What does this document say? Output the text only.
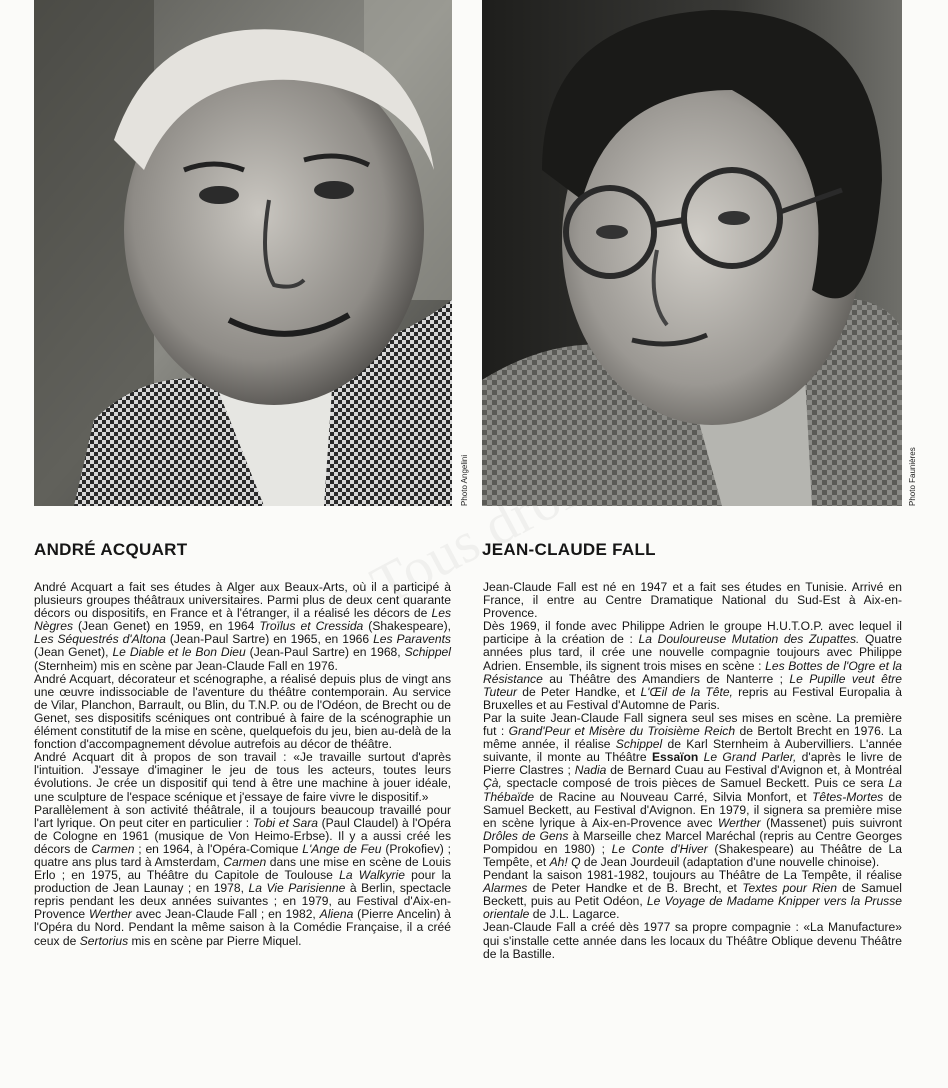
Photo Angelini	Photo Faunières
ANDRÉ ACQUART	JEAN-CLAUDE FALL

André Acquart a fait ses études à Alger aux Beaux-Arts, où il a participé à plusieurs groupes théâtraux universitaires. Parmi plus de deux cent quarante décors ou dispositifs, en France et à l'étranger, il a réalisé les décors de Les Nègres (Jean Genet) en 1959, en 1964 Troïlus et Cressida (Shakespeare), Les Séquestrés d'Altona (Jean-Paul Sartre) en 1965, en 1966 Les Paravents (Jean Genet), Le Diable et le Bon Dieu (Jean-Paul Sartre) en 1968, Schippel (Sternheim) mis en scène par Jean-Claude Fall en 1976.

André Acquart, décorateur et scénographe, a réalisé depuis plus de vingt ans une œuvre indissociable de l'aventure du théâtre contemporain. Au service de Vilar, Planchon, Barrault, ou Blin, du T.N.P. ou de l'Odéon, de Brecht ou de Genet, ses dispositifs scéniques ont contribué à faire de la scénographie un élément constitutif de la mise en scène, quelquefois du jeu, bien au-delà de la fonction d'accompagnement dévolue autrefois au décor de théâtre.

André Acquart dit à propos de son travail : «Je travaille surtout d'après l'intuition. J'essaye d'imaginer le jeu de tous les acteurs, toutes leurs évolutions. Je crée un dispositif qui tend à être une machine à jouer idéale, une sculpture de l'espace scénique et j'essaye de faire vivre le dispositif.»

Parallèlement à son activité théâtrale, il a toujours beaucoup travaillé pour l'art lyrique. On peut citer en particulier : Tobi et Sara (Paul Claudel) à l'Opéra de Cologne en 1961 (musique de Von Heimo-Erbse). Il y a aussi créé les décors de Carmen ; en 1964, à l'Opéra-Comique L'Ange de Feu (Prokofiev) ; quatre ans plus tard à Amsterdam, Carmen dans une mise en scène de Louis Erlo ; en 1975, au Théâtre du Capitole de Toulouse La Walkyrie pour la production de Jean Launay ; en 1978, La Vie Parisienne à Berlin, spectacle repris pendant les deux années suivantes ; en 1979, au Festival d'Aix-en-Provence Werther avec Jean-Claude Fall ; en 1982, Aliena (Pierre Ancelin) à l'Opéra du Nord. Pendant la même saison à la Comédie Française, il a créé ceux de Sertorius mis en scène par Pierre Miquel.

Jean-Claude Fall est né en 1947 et a fait ses études en Tunisie. Arrivé en France, il entre au Centre Dramatique National du Sud-Est à Aix-en-Provence.

Dès 1969, il fonde avec Philippe Adrien le groupe H.U.T.O.P. avec lequel il participe à la création de : La Douloureuse Mutation des Zupattes. Quatre années plus tard, il crée une nouvelle compagnie toujours avec Philippe Adrien. Ensemble, ils signent trois mises en scène : Les Bottes de l'Ogre et la Résistance au Théâtre des Amandiers de Nanterre ; Le Pupille veut être Tuteur de Peter Handke, et L'Œil de la Tête, repris au Festival Europalia à Bruxelles et au Festival d'Automne de Paris.

Par la suite Jean-Claude Fall signera seul ses mises en scène. La première fut : Grand'Peur et Misère du Troisième Reich de Bertolt Brecht en 1976. La même année, il réalise Schippel de Karl Sternheim à Aubervilliers. L'année suivante, il monte au Théâtre Essaïon Le Grand Parler, d'après le livre de Pierre Clastres ; Nadia de Bernard Cuau au Festival d'Avignon et, à Montréal Çà, spectacle composé de trois pièces de Samuel Beckett. Puis ce sera La Thébaïde de Racine au Nouveau Carré, Silvia Monfort, et Têtes-Mortes de Samuel Beckett, au Festival d'Avignon. En 1979, il signera sa première mise en scène lyrique à Aix-en-Provence avec Werther (Massenet) puis suivront Drôles de Gens à Marseille chez Marcel Maréchal (repris au Centre Georges Pompidou en 1980) ; Le Conte d'Hiver (Shakespeare) au Théâtre de La Tempête, et Ah! Q de Jean Jourdeuil (adaptation d'une nouvelle chinoise).

Pendant la saison 1981-1982, toujours au Théâtre de La Tempête, il réalise Alarmes de Peter Handke et de B. Brecht, et Textes pour Rien de Samuel Beckett, puis au Petit Odéon, Le Voyage de Madame Knipper vers la Prusse orientale de J.L. Lagarce.

Jean-Claude Fall a créé dès 1977 sa propre compagnie : «La Manufacture» qui s'installe cette année dans les locaux du Théâtre Oblique devenu Théâtre de la Bastille.
